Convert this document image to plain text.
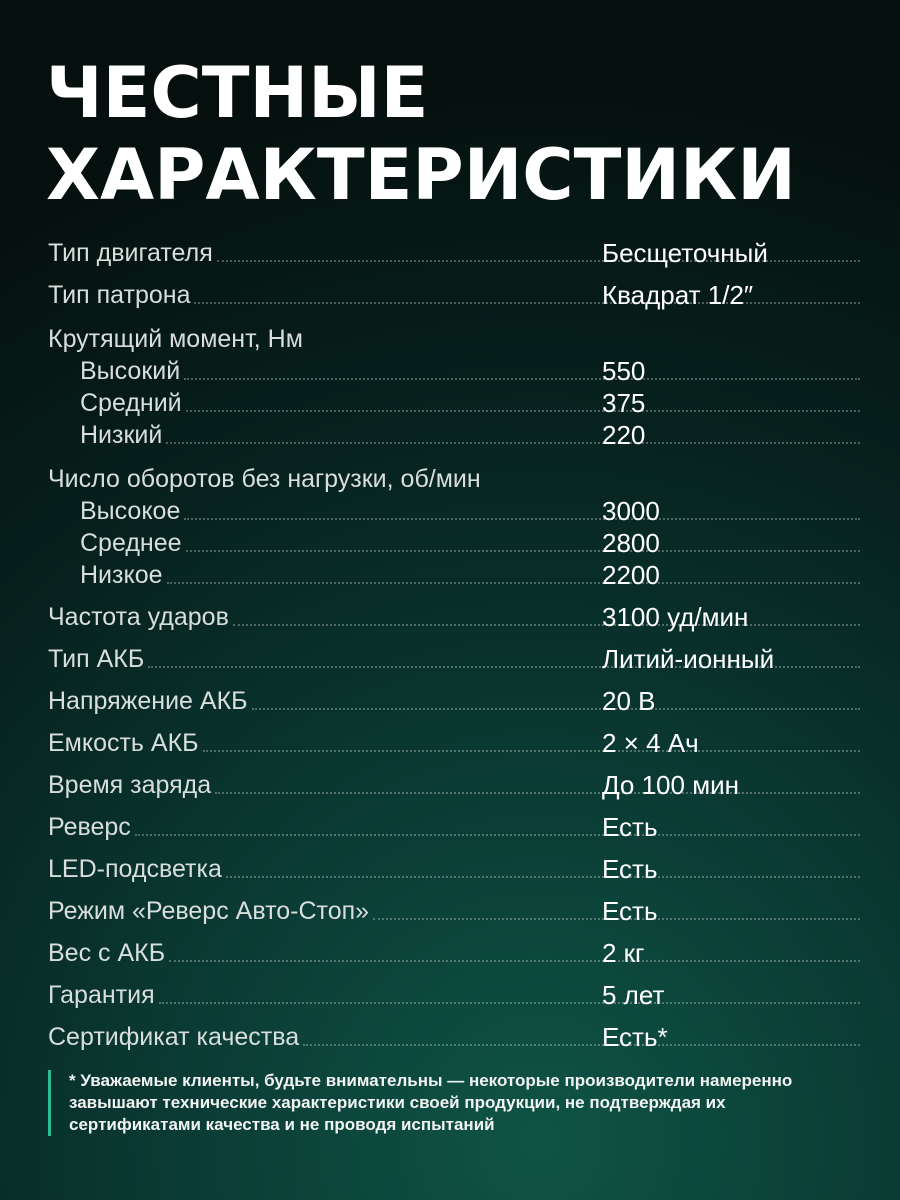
ЧЕСТНЫЕ
ХАРАКТЕРИСТИКИ
Тип двигателя	Бесщеточный
Тип патрона	Квадрат 1/2″
Крутящий момент, Нм
Высокий	550
Средний	375
Низкий	220
Число оборотов без нагрузки, об/мин
Высокое	3000
Среднее	2800
Низкое	2200
Частота ударов	3100 уд/мин
Тип АКБ	Литий-ионный
Напряжение АКБ	20 В
Емкость АКБ	2 × 4 Ач
Время заряда	До 100 мин
Реверс	Есть
LED-подсветка	Есть
Режим «Реверс Авто-Стоп»	Есть
Вес с АКБ	2 кг
Гарантия	5 лет
Сертификат качества	Есть*
* Уважаемые клиенты, будьте внимательны — некоторые производители намеренно завышают технические характеристики своей продукции, не подтверждая их сертификатами качества и не проводя испытаний
